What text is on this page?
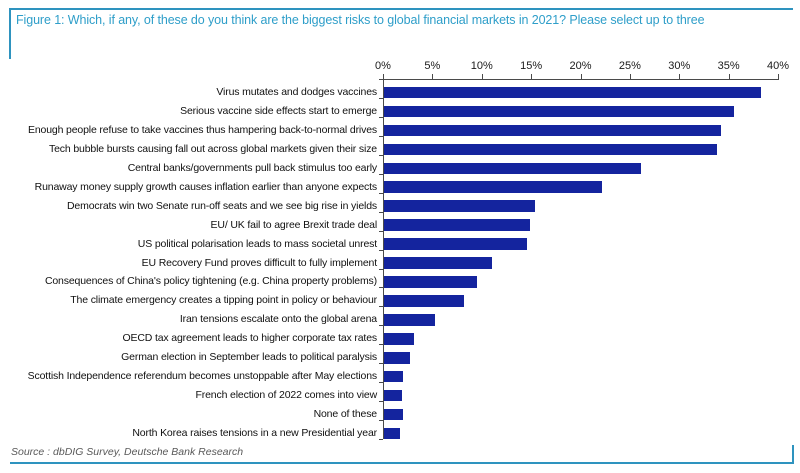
Figure 1: Which, if any, of these do you think are the biggest risks to global financial markets in 2021? Please select up to three
0%	5%	10%	15%	20%	25%	30%	35%	40%
Virus mutates and dodges vaccines
Serious vaccine side effects start to emerge
Enough people refuse to take vaccines thus hampering back-to-normal drives
Tech bubble bursts causing fall out across global markets given their size
Central banks/governments pull back stimulus too early
Runaway money supply growth causes inflation earlier than anyone expects
Democrats win two Senate run-off seats and we see big rise in yields
EU/ UK fail to agree Brexit trade deal
US political polarisation leads to mass societal unrest
EU Recovery Fund proves difficult to fully implement
Consequences of China's policy tightening (e.g. China property problems)
The climate emergency creates a tipping point in policy or behaviour
Iran tensions escalate onto the global arena
OECD tax agreement leads to higher corporate tax rates
German election in September leads to political paralysis
Scottish Independence referendum becomes unstoppable after May elections
French election of 2022 comes into view
None of these
North Korea raises tensions in a new Presidential year
Source : dbDIG Survey, Deutsche Bank Research
